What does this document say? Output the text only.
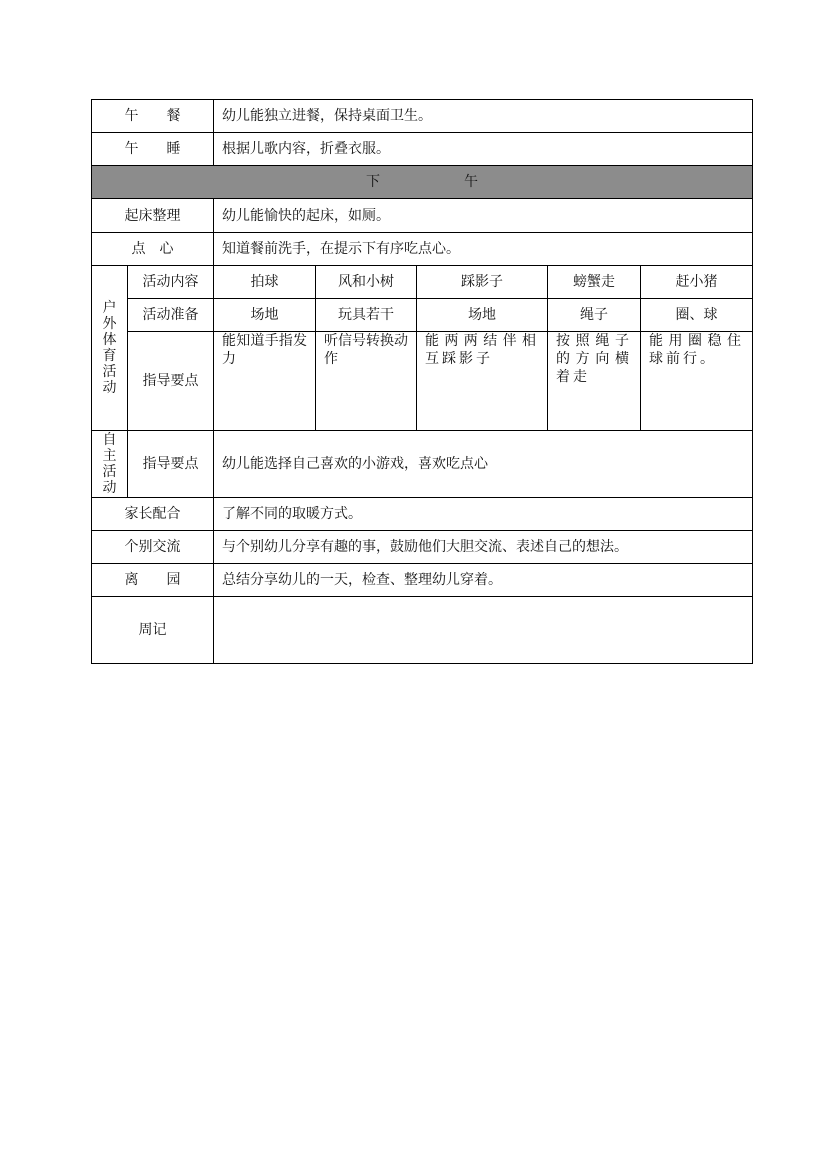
午　　餐		幼儿能独立进餐，保持桌面卫生。				
午　　睡		根据儿歌内容，折叠衣服。				
下　　　　　　午						
起床整理		幼儿能愉快的起床，如厕。				
点　心		知道餐前洗手，在提示下有序吃点心。				

户外体育活动	活动内容	拍球	风和小树	踩影子	螃蟹走	赶小猪
	活动准备	场地	玩具若干	场地	绳子	圈、球
	指导要点	能知道手指发力	听信号转换动作	能两两结伴相互踩影子	按照绳子的方向横着走	能用圈稳住球前行。

自主活动	指导要点	幼儿能选择自己喜欢的小游戏，喜欢吃点心				
家长配合		了解不同的取暖方式。				
个别交流		与个别幼儿分享有趣的事，鼓励他们大胆交流、表述自己的想法。				
离　　园		总结分享幼儿的一天，检查、整理幼儿穿着。				
周记						
